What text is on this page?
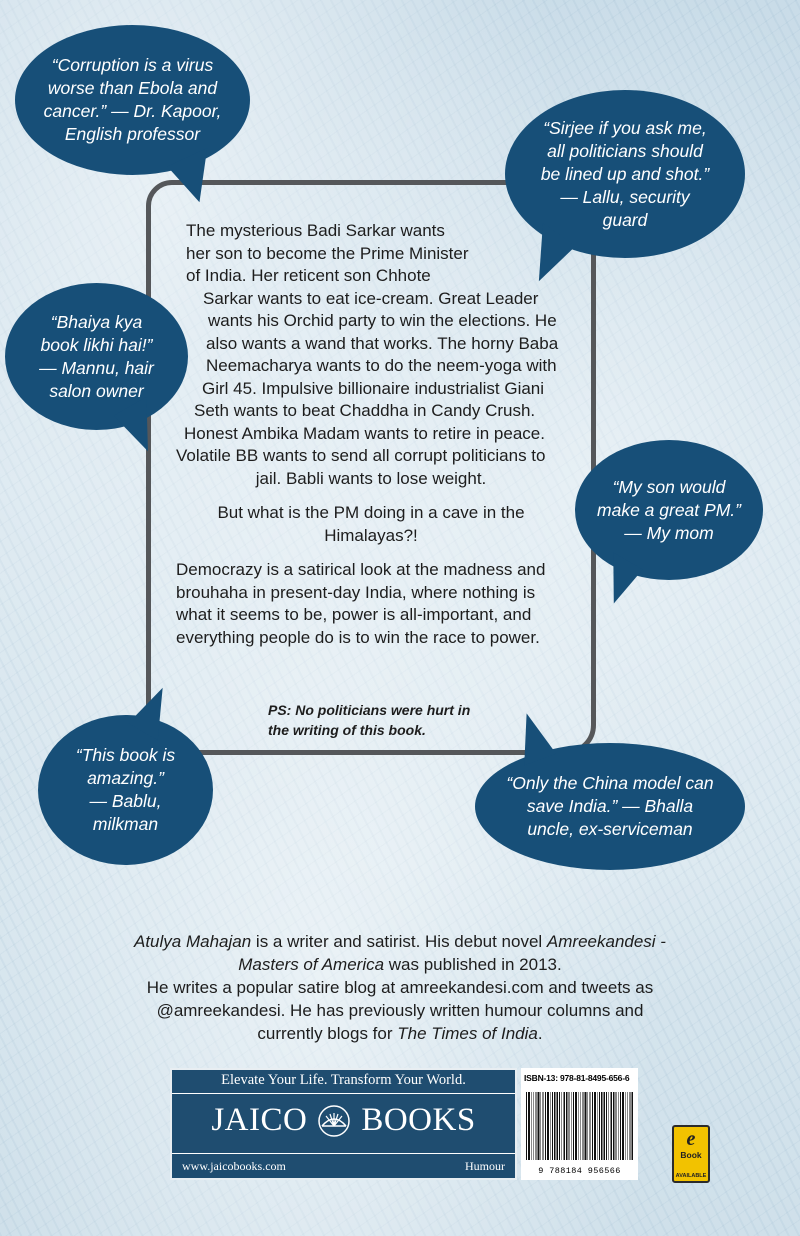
“Corruption is a virus
worse than Ebola and
cancer.” — Dr. Kapoor,
English professor	“Sirjee if you ask me,
all politicians should
be lined up and shot.”
— Lallu, security
guard
“Bhaiya kya
book likhi hai!”
— Mannu, hair
salon owner
“My son would
make a great PM.”
— My mom
“This book is
amazing.”
— Bablu,
milkman
“Only the China model can
save India.” — Bhalla
uncle, ex-serviceman

The mysterious Badi Sarkar wants
her son to become the Prime Minister
of India. Her reticent son Chhote
Sarkar wants to eat ice-cream. Great Leader
wants his Orchid party to win the elections. He
also wants a wand that works. The horny Baba
Neemacharya wants to do the neem-yoga with
Girl 45. Impulsive billionaire industrialist Giani
Seth wants to beat Chaddha in Candy Crush.
Honest Ambika Madam wants to retire in peace.
Volatile BB wants to send all corrupt politicians to
jail. Babli wants to lose weight.

But what is the PM doing in a cave in the
Himalayas?!

Democrazy is a satirical look at the madness and
brouhaha in present-day India, where nothing is
what it seems to be, power is all-important, and
everything people do is to win the race to power.

PS: No politicians were hurt in
the writing of this book.
Atulya Mahajan is a writer and satirist. His debut novel Amreekandesi -
Masters of America was published in 2013.
He writes a popular satire blog at amreekandesi.com and tweets as
@amreekandesi. He has previously written humour columns and
currently blogs for The Times of India.
Elevate Your Life. Transform Your World.
JAICO BOOKS
www.jaicobooks.com	Humour
ISBN-13: 978-81-8495-656-6
9 788184 956566
e
Book
AVAILABLE
